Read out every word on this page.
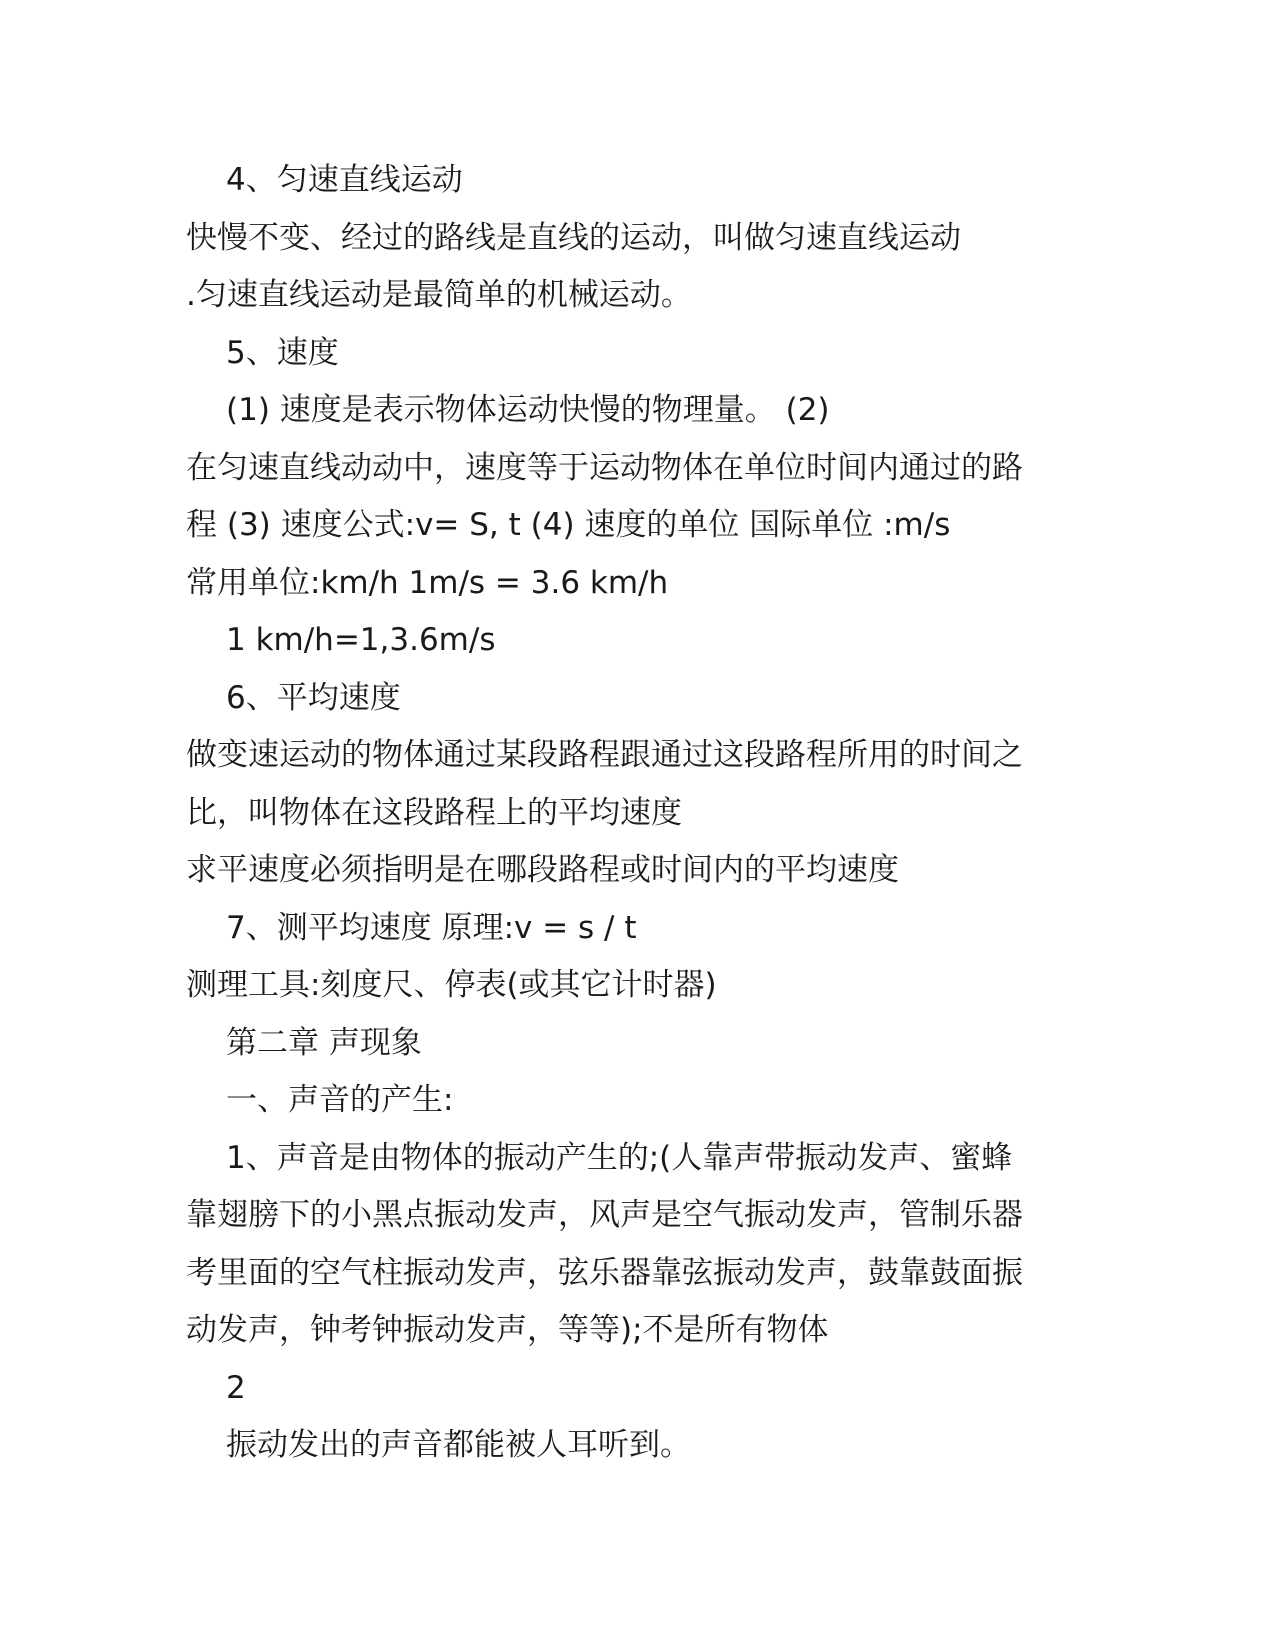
4、匀速直线运动
快慢不变、经过的路线是直线的运动，叫做匀速直线运动
.匀速直线运动是最简单的机械运动。
5、速度
(1) 速度是表示物体运动快慢的物理量。 (2)
在匀速直线动动中，速度等于运动物体在单位时间内通过的路
程 (3) 速度公式:v= S, t (4) 速度的单位 国际单位 :m/s
常用单位:km/h 1m/s = 3.6 km/h
1 km/h=1,3.6m/s
6、平均速度
做变速运动的物体通过某段路程跟通过这段路程所用的时间之
比，叫物体在这段路程上的平均速度
求平速度必须指明是在哪段路程或时间内的平均速度
7、测平均速度 原理:v = s / t
测理工具:刻度尺、停表(或其它计时器)
第二章 声现象
一、声音的产生:
1、声音是由物体的振动产生的;(人靠声带振动发声、蜜蜂
靠翅膀下的小黑点振动发声，风声是空气振动发声，管制乐器
考里面的空气柱振动发声，弦乐器靠弦振动发声，鼓靠鼓面振
动发声，钟考钟振动发声，等等);不是所有物体
2
振动发出的声音都能被人耳听到。
